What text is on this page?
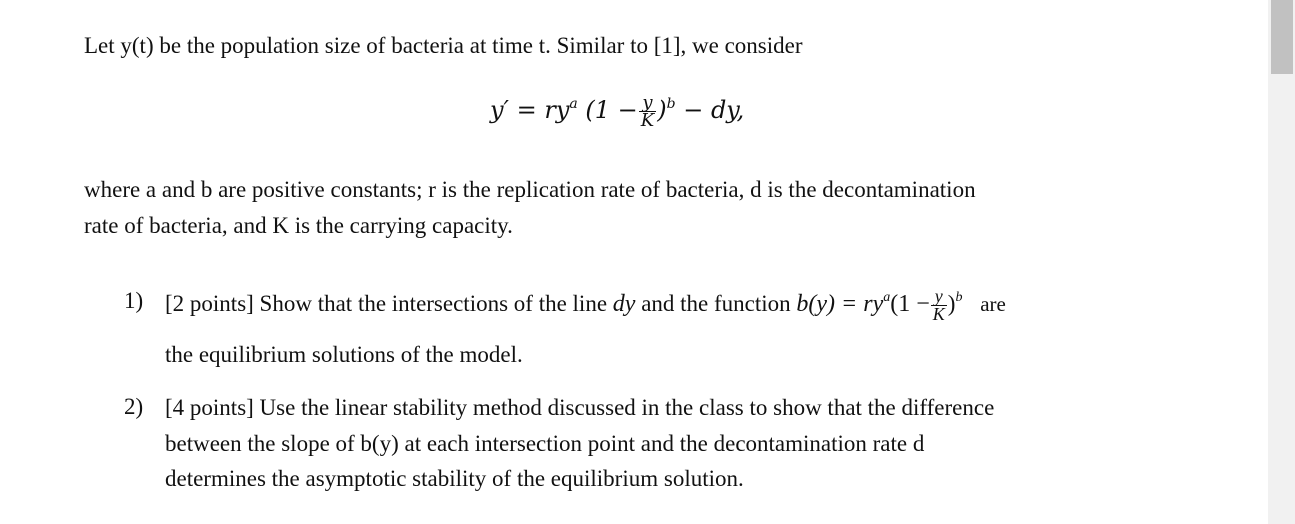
Let y(t) be the population size of bacteria at time t. Similar to [1], we consider
$y' = ry^a$ $(1 - \frac{y}{K} )^b$ − dy,
where a and b are positive constants; r is the replication rate of bacteria, d is the decontamination
rate of bacteria, and K is the carrying capacity.
1) [2 points] Show that the intersections of the line dy and the function $b(y) = ry^a(1 - \frac{y}{K} )^b$ are
the equilibrium solutions of the model.
2) [4 points] Use the linear stability method discussed in the class to show that the difference
between the slope of b(y) at each intersection point and the decontamination rate d
determines the asymptotic stability of the equilibrium solution.
